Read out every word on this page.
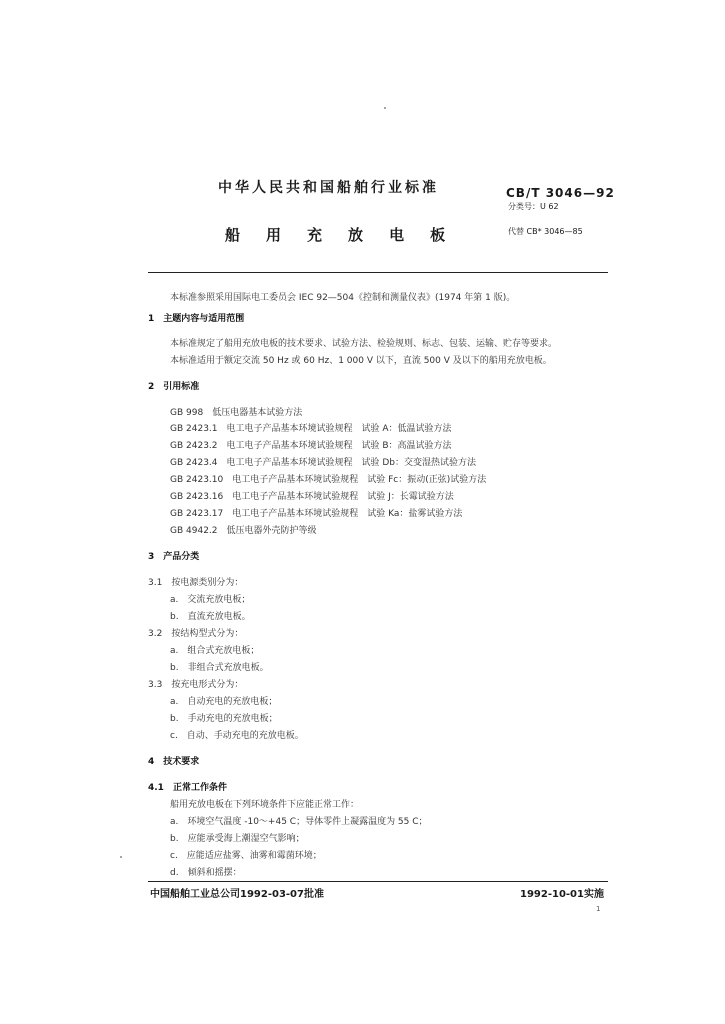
中华人民共和国船舶行业标准
船 用 充 放 电 板
CB/T 3046—92
分类号：U 62
代替 CB* 3046—85
本标准参照采用国际电工委员会 IEC 92—504《控制和测量仪表》(1974 年第 1 版)。
1　主题内容与适用范围
本标准规定了船用充放电板的技术要求、试验方法、检验规则、标志、包装、运输、贮存等要求。
本标准适用于额定交流 50 Hz 或 60 Hz、1 000 V 以下，直流 500 V 及以下的船用充放电板。
2　引用标准
GB 998　低压电器基本试验方法
GB 2423.1　电工电子产品基本环境试验规程　试验 A：低温试验方法
GB 2423.2　电工电子产品基本环境试验规程　试验 B：高温试验方法
GB 2423.4　电工电子产品基本环境试验规程　试验 Db：交变湿热试验方法
GB 2423.10　电工电子产品基本环境试验规程　试验 Fc：振动(正弦)试验方法
GB 2423.16　电工电子产品基本环境试验规程　试验 J：长霉试验方法
GB 2423.17　电工电子产品基本环境试验规程　试验 Ka：盐雾试验方法
GB 4942.2　低压电器外壳防护等级
3　产品分类
3.1　按电源类别分为：
a.　交流充放电板；
b.　直流充放电板。
3.2　按结构型式分为：
a.　组合式充放电板；
b.　非组合式充放电板。
3.3　按充电形式分为：
a.　自动充电的充放电板；
b.　手动充电的充放电板；
c.　自动、手动充电的充放电板。
4　技术要求
4.1　正常工作条件
船用充放电板在下列环境条件下应能正常工作：
a.　环境空气温度 -10～+45 C；导体零件上凝露温度为 55 C；
b.　应能承受海上潮湿空气影响；
c.　应能适应盐雾、油雾和霉菌环境；
d.　倾斜和摇摆：
中国船舶工业总公司1992-03-07批准	1992-10-01实施
1
